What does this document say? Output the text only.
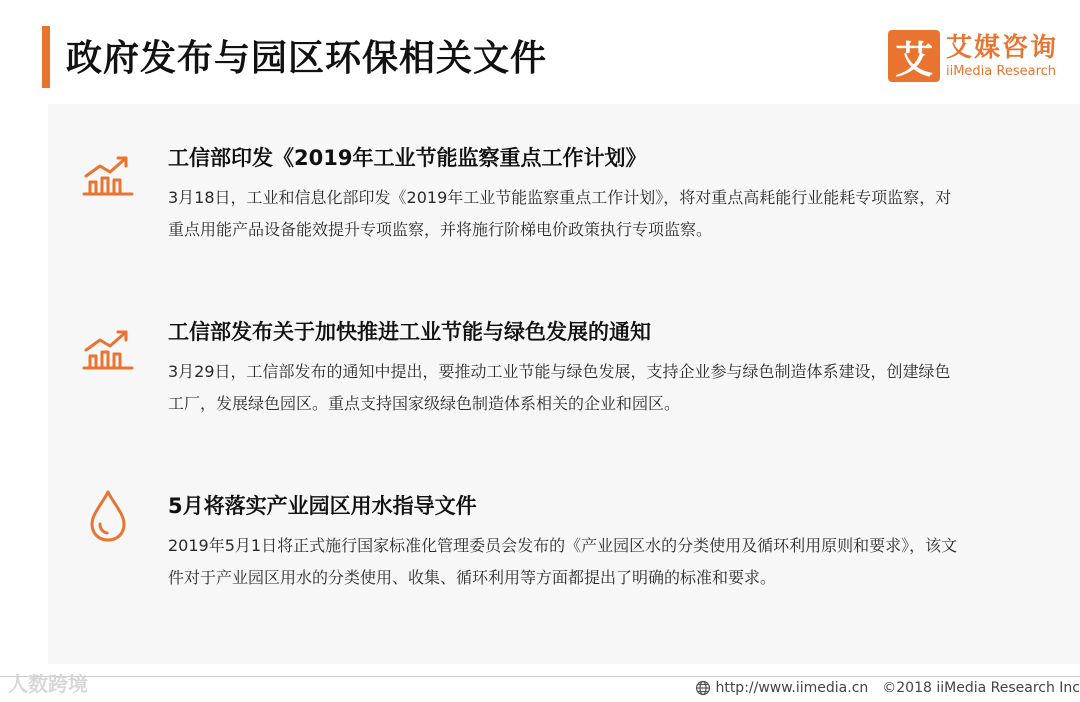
政府发布与园区环保相关文件	艾 艾媒咨询
iiMedia Research
工信部印发《2019年工业节能监察重点工作计划》
3月18日，工业和信息化部印发《2019年工业节能监察重点工作计划》，将对重点高耗能行业能耗专项监察，对重点用能产品设备能效提升专项监察，并将施行阶梯电价政策执行专项监察。
工信部发布关于加快推进工业节能与绿色发展的通知
3月29日，工信部发布的通知中提出，要推动工业节能与绿色发展，支持企业参与绿色制造体系建设，创建绿色工厂，发展绿色园区。重点支持国家级绿色制造体系相关的企业和园区。
5月将落实产业园区用水指导文件
2019年5月1日将正式施行国家标准化管理委员会发布的《产业园区水的分类使用及循环利用原则和要求》，该文件对于产业园区用水的分类使用、收集、循环利用等方面都提出了明确的标准和要求。
人数跨境	http://www.iimedia.cn ©2018 iiMedia Research Inc
